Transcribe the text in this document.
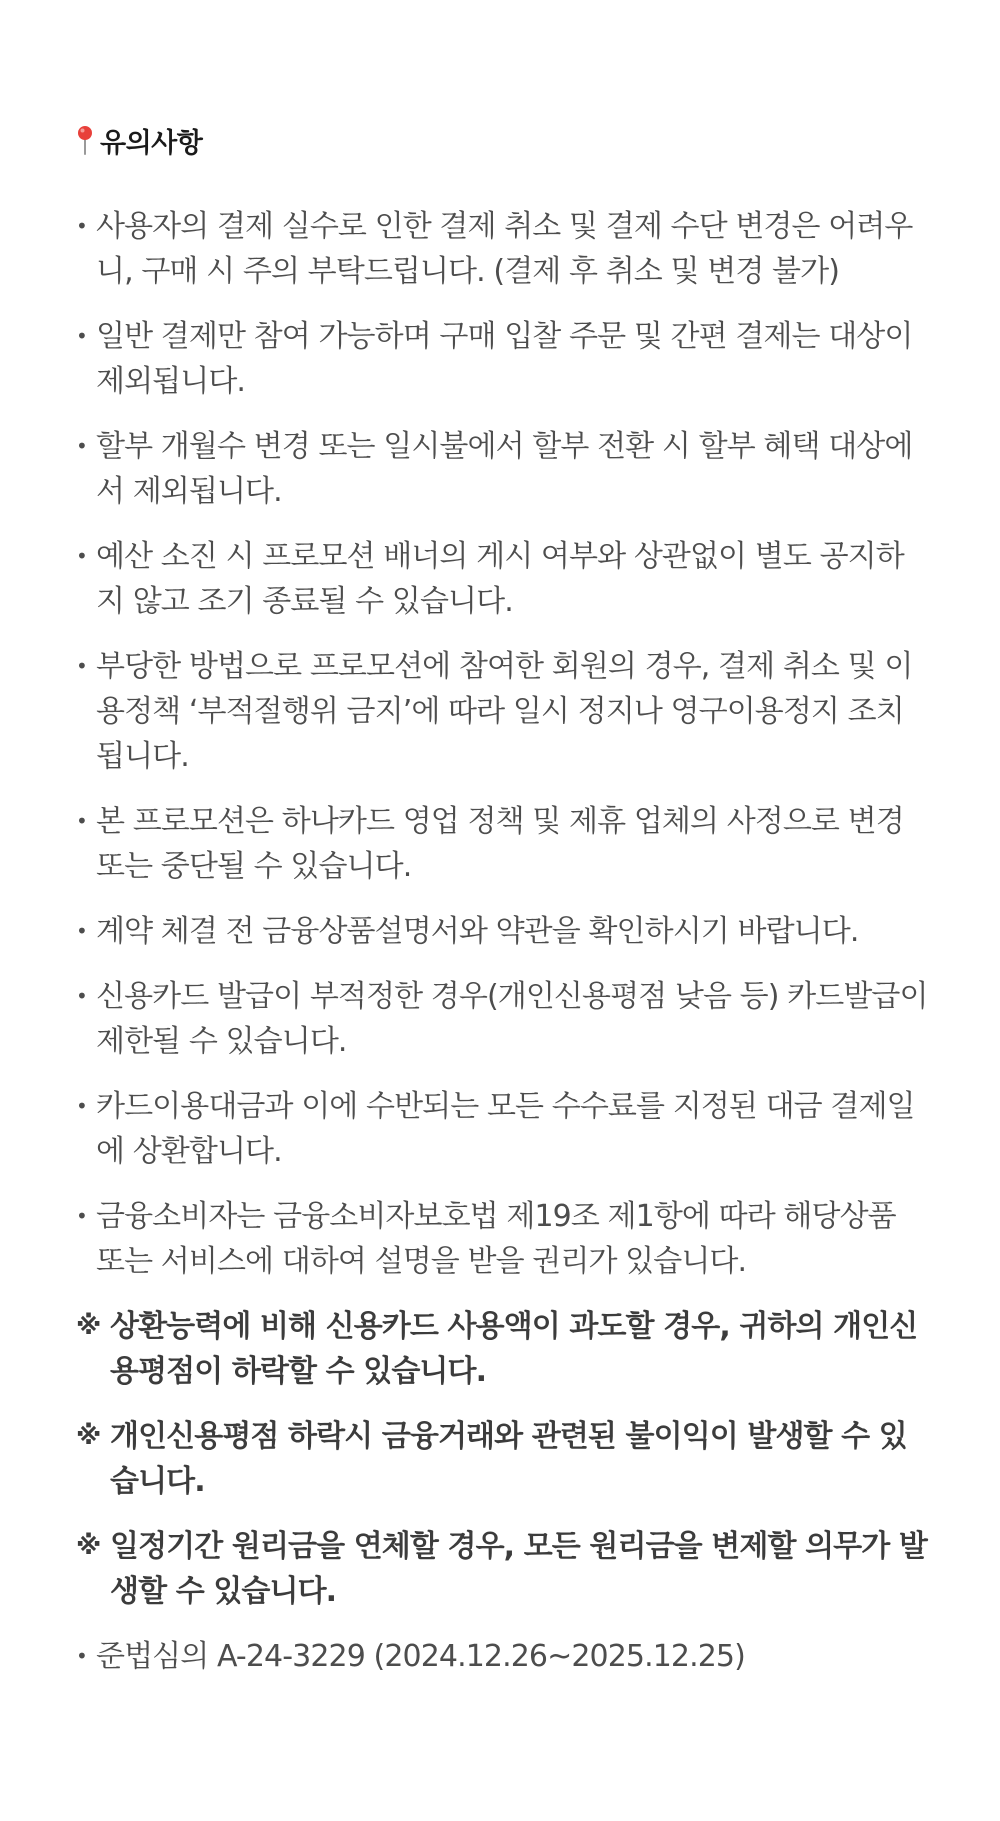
유의사항
• 사용자의 결제 실수로 인한 결제 취소 및 결제 수단 변경은 어려우니, 구매 시 주의 부탁드립니다. (결제 후 취소 및 변경 불가)
• 일반 결제만 참여 가능하며 구매 입찰 주문 및 간편 결제는 대상이 제외됩니다.
• 할부 개월수 변경 또는 일시불에서 할부 전환 시 할부 혜택 대상에서 제외됩니다.
• 예산 소진 시 프로모션 배너의 게시 여부와 상관없이 별도 공지하지 않고 조기 종료될 수 있습니다.
• 부당한 방법으로 프로모션에 참여한 회원의 경우, 결제 취소 및 이용정책 ‘부적절행위 금지’에 따라 일시 정지나 영구이용정지 조치됩니다.
• 본 프로모션은 하나카드 영업 정책 및 제휴 업체의 사정으로 변경 또는 중단될 수 있습니다.
• 계약 체결 전 금융상품설명서와 약관을 확인하시기 바랍니다.
• 신용카드 발급이 부적정한 경우(개인신용평점 낮음 등) 카드발급이 제한될 수 있습니다.
• 카드이용대금과 이에 수반되는 모든 수수료를 지정된 대금 결제일에 상환합니다.
• 금융소비자는 금융소비자보호법 제19조 제1항에 따라 해당상품 또는 서비스에 대하여 설명을 받을 권리가 있습니다.
※ 상환능력에 비해 신용카드 사용액이 과도할 경우, 귀하의 개인신용평점이 하락할 수 있습니다.
※ 개인신용평점 하락시 금융거래와 관련된 불이익이 발생할 수 있습니다.
※ 일정기간 원리금을 연체할 경우, 모든 원리금을 변제할 의무가 발생할 수 있습니다.
• 준법심의 A-24-3229 (2024.12.26~2025.12.25)
